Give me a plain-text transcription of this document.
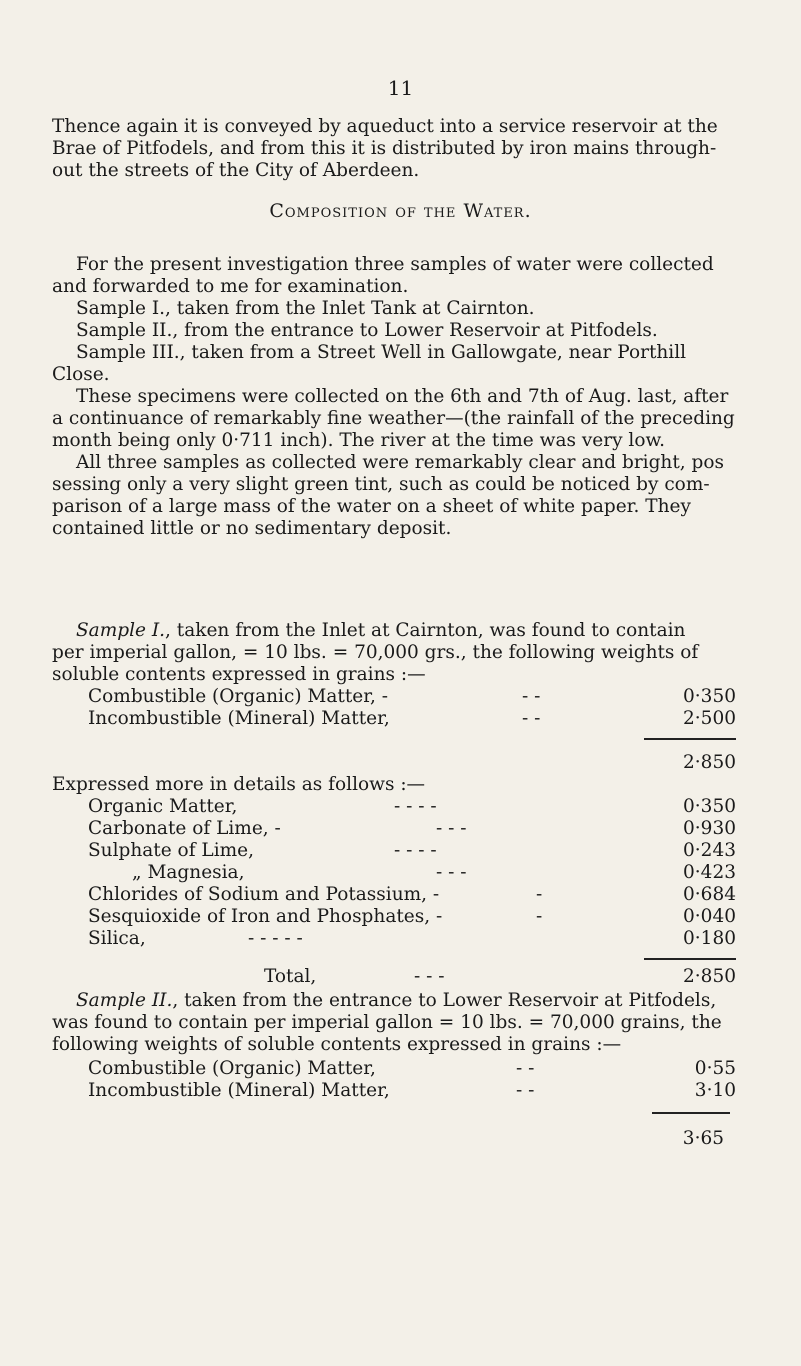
11
Thence again it is conveyed by aqueduct into a service reservoir at the
Brae of Pitfodels, and from this it is distributed by iron mains through-
out the streets of the City of Aberdeen.
Composition of the Water.
For the present investigation three samples of water were collected
and forwarded to me for examination.
Sample I., taken from the Inlet Tank at Cairnton.
Sample II., from the entrance to Lower Reservoir at Pitfodels.
Sample III., taken from a Street Well in Gallowgate, near Porthill
Close.
These specimens were collected on the 6th and 7th of Aug. last, after
a continuance of remarkably fine weather—(the rainfall of the preceding
month being only 0·711 inch). The river at the time was very low.
All three samples as collected were remarkably clear and bright, pos
sessing only a very slight green tint, such as could be noticed by com-
parison of a large mass of the water on a sheet of white paper. They
contained little or no sedimentary deposit.
Sample I., taken from the Inlet at Cairnton, was found to contain
per imperial gallon, = 10 lbs. = 70,000 grs., the following weights of
soluble contents expressed in grains :—
Combustible (Organic) Matter, -	- -	0·350
Incombustible (Mineral) Matter,	- -	2·500
2·850
Expressed more in details as follows :—
Organic Matter,	- - - -	0·350
Carbonate of Lime, -	- - -	0·930
Sulphate of Lime,	- - - -	0·243
„ Magnesia,	- - -	0·423
Chlorides of Sodium and Potassium, -	-	0·684
Sesquioxide of Iron and Phosphates, -	-	0·040
Silica,	- - - - -	0·180
Total,	- - -	2·850
Sample II., taken from the entrance to Lower Reservoir at Pitfodels,
was found to contain per imperial gallon = 10 lbs. = 70,000 grains, the
following weights of soluble contents expressed in grains :—
Combustible (Organic) Matter,	- -	0·55
Incombustible (Mineral) Matter,	- -	3·10
3·65
